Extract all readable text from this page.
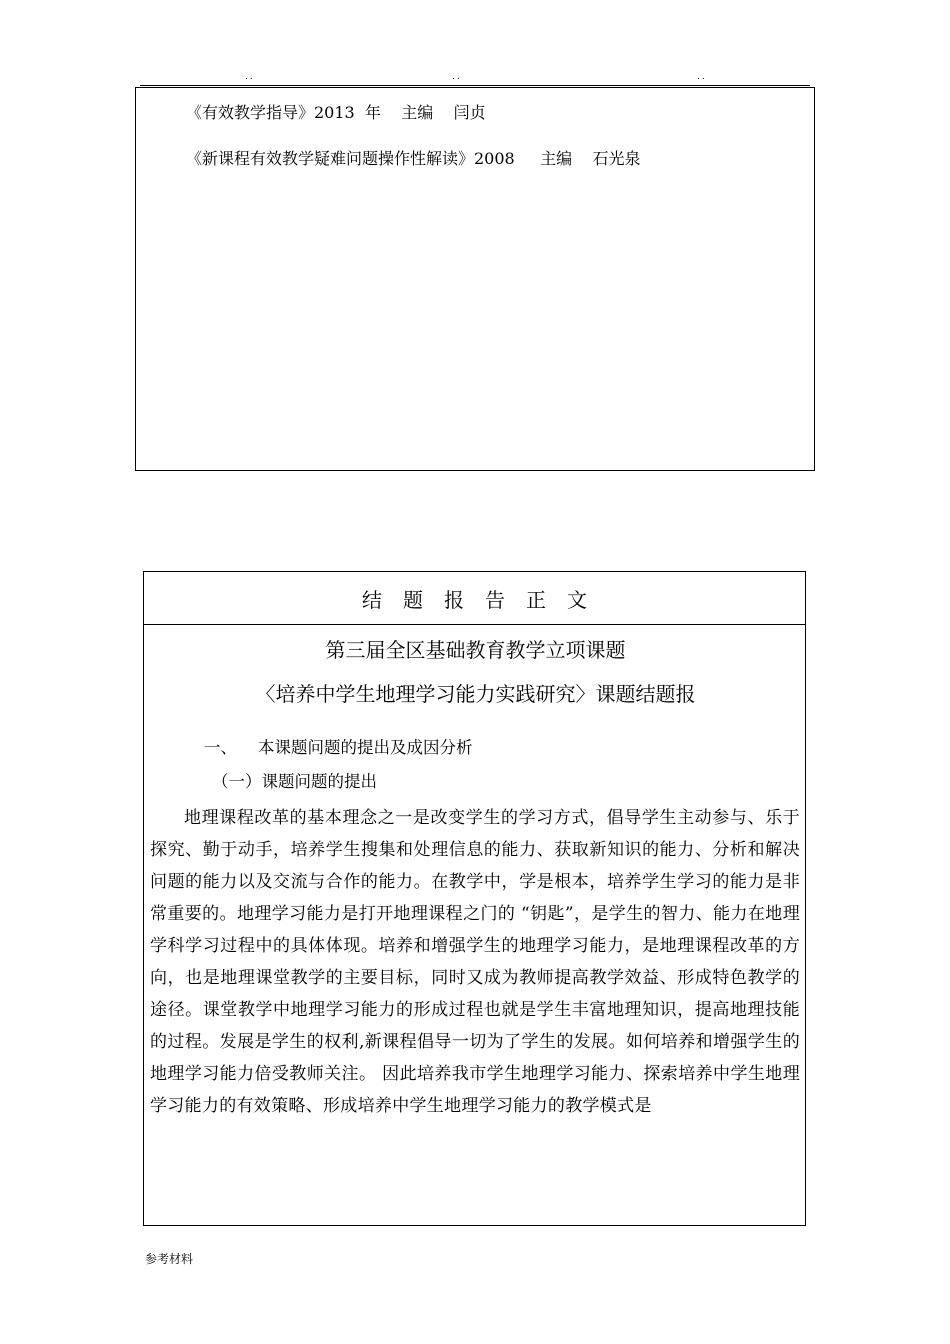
..	..	..
《有效教学指导》2013  年    主编    闫贞
《新课程有效教学疑难问题操作性解读》2008     主编    石光泉
结题报告正文
第三届全区基础教育教学立项课题
〈培养中学生地理学习能力实践研究〉课题结题报
一、    本课题问题的提出及成因分析
（一）课题问题的提出
地理课程改革的基本理念之一是改变学生的学习方式，倡导学生主动参与、乐于探究、勤于动手，培养学生搜集和处理信息的能力、获取新知识的能力、分析和解决问题的能力以及交流与合作的能力。在教学中，学是根本，培养学生学习的能力是非常重要的。地理学习能力是打开地理课程之门的 “钥匙”，是学生的智力、能力在地理学科学习过程中的具体体现。培养和增强学生的地理学习能力，是地理课程改革的方向，也是地理课堂教学的主要目标，同时又成为教师提高教学效益、形成特色教学的途径。课堂教学中地理学习能力的形成过程也就是学生丰富地理知识，提高地理技能的过程。发展是学生的权利,新课程倡导一切为了学生的发展。如何培养和增强学生的地理学习能力倍受教师关注。 因此培养我市学生地理学习能力、探索培养中学生地理学习能力的有效策略、形成培养中学生地理学习能力的教学模式是
参考材料
